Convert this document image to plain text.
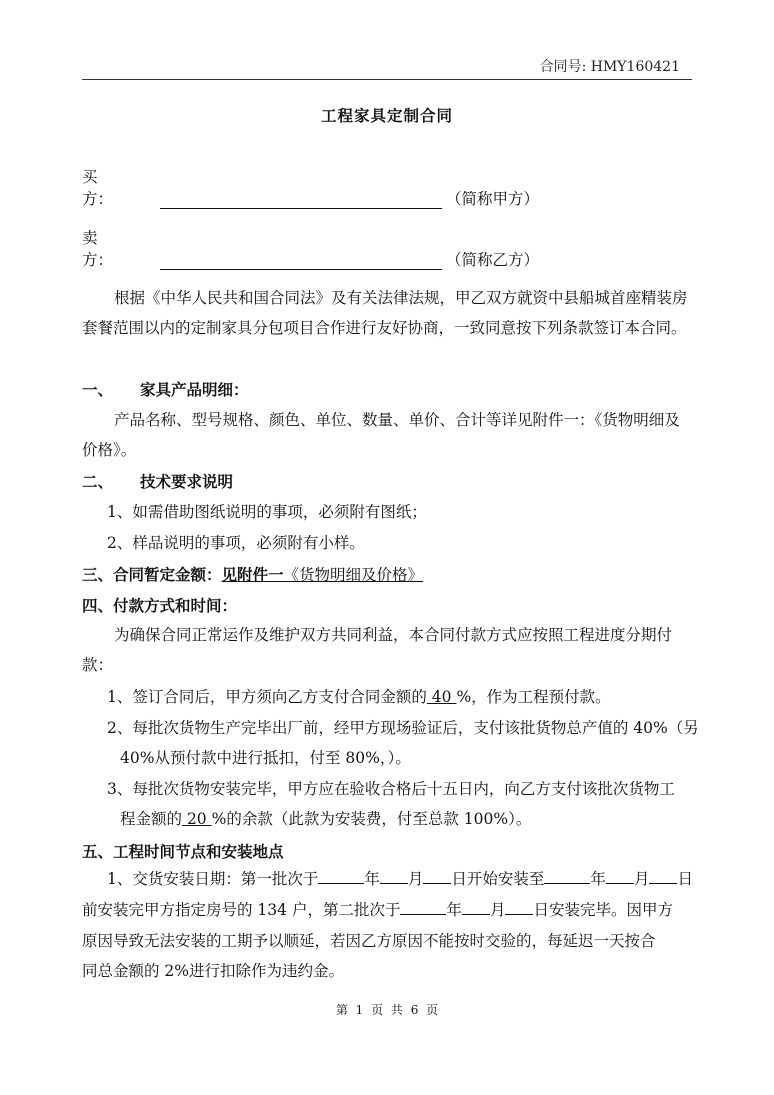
合同号: HMY160421
工程家具定制合同
买方：	（简称甲方）
卖方：	（简称乙方）
根据《中华人民共和国合同法》及有关法律法规，甲乙双方就资中县船城首座精装房套餐范围以内的定制家具分包项目合作进行友好协商，一致同意按下列条款签订本合同。
一、 家具产品明细：
产品名称、型号规格、颜色、单位、数量、单价、合计等详见附件一：《货物明细及价格》。
二、 技术要求说明
1、如需借助图纸说明的事项，必须附有图纸；
2、样品说明的事项，必须附有小样。
三、合同暂定金额：见附件一《货物明细及价格》
四、付款方式和时间：
为确保合同正常运作及维护双方共同利益，本合同付款方式应按照工程进度分期付款：
1、签订合同后，甲方须向乙方支付合同金额的 40 %，作为工程预付款。
2、每批次货物生产完毕出厂前，经甲方现场验证后，支付该批货物总产值的 40%（另
40%从预付款中进行抵扣，付至 80%，）。
3、每批次货物安装完毕，甲方应在验收合格后十五日内，向乙方支付该批次货物工
程金额的 20 %的余款（此款为安装费，付至总款 100%）。
五、工程时间节点和安装地点
1、交货安装日期：第一批次于	年 月 日开始安装至	年 月 日
前安装完甲方指定房号的 134 户，第二批次于	年 月 日安装完毕。因甲方
原因导致无法安装的工期予以顺延，若因乙方原因不能按时交验的，每延迟一天按合
同总金额的 2%进行扣除作为违约金。
第 1 页 共 6 页
